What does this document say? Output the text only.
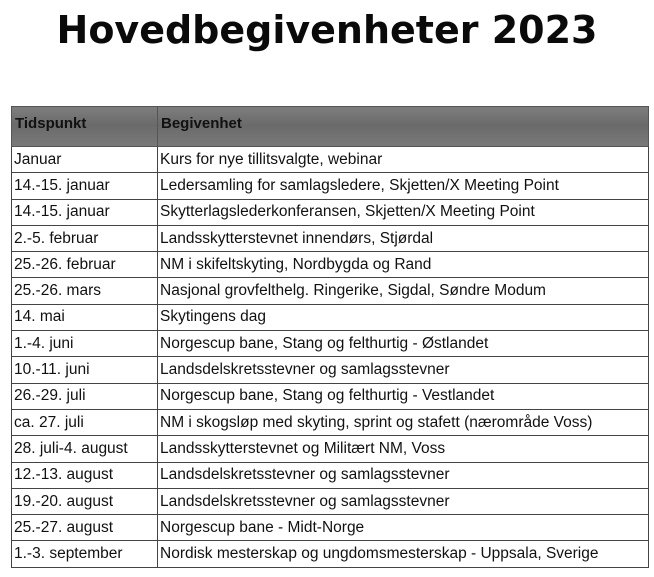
Hovedbegivenheter 2023
Tidspunkt	Begivenhet
Januar	Kurs for nye tillitsvalgte, webinar
14.-15. januar	Ledersamling for samlagsledere, Skjetten/X Meeting Point
14.-15. januar	Skytterlagslederkonferansen, Skjetten/X Meeting Point
2.-5. februar	Landsskytterstevnet innendørs, Stjørdal
25.-26. februar	NM i skifeltskyting, Nordbygda og Rand
25.-26. mars	Nasjonal grovfelthelg. Ringerike, Sigdal, Søndre Modum
14. mai	Skytingens dag
1.-4. juni	Norgescup bane, Stang og felthurtig - Østlandet
10.-11. juni	Landsdelskretsstevner og samlagsstevner
26.-29. juli	Norgescup bane, Stang og felthurtig - Vestlandet
ca. 27. juli	NM i skogsløp med skyting, sprint og stafett (nærområde Voss)
28. juli-4. august	Landsskytterstevnet og Militært NM, Voss
12.-13. august	Landsdelskretsstevner og samlagsstevner
19.-20. august	Landsdelskretsstevner og samlagsstevner
25.-27. august	Norgescup bane - Midt-Norge
1.-3. september	Nordisk mesterskap og ungdomsmesterskap - Uppsala, Sverige
